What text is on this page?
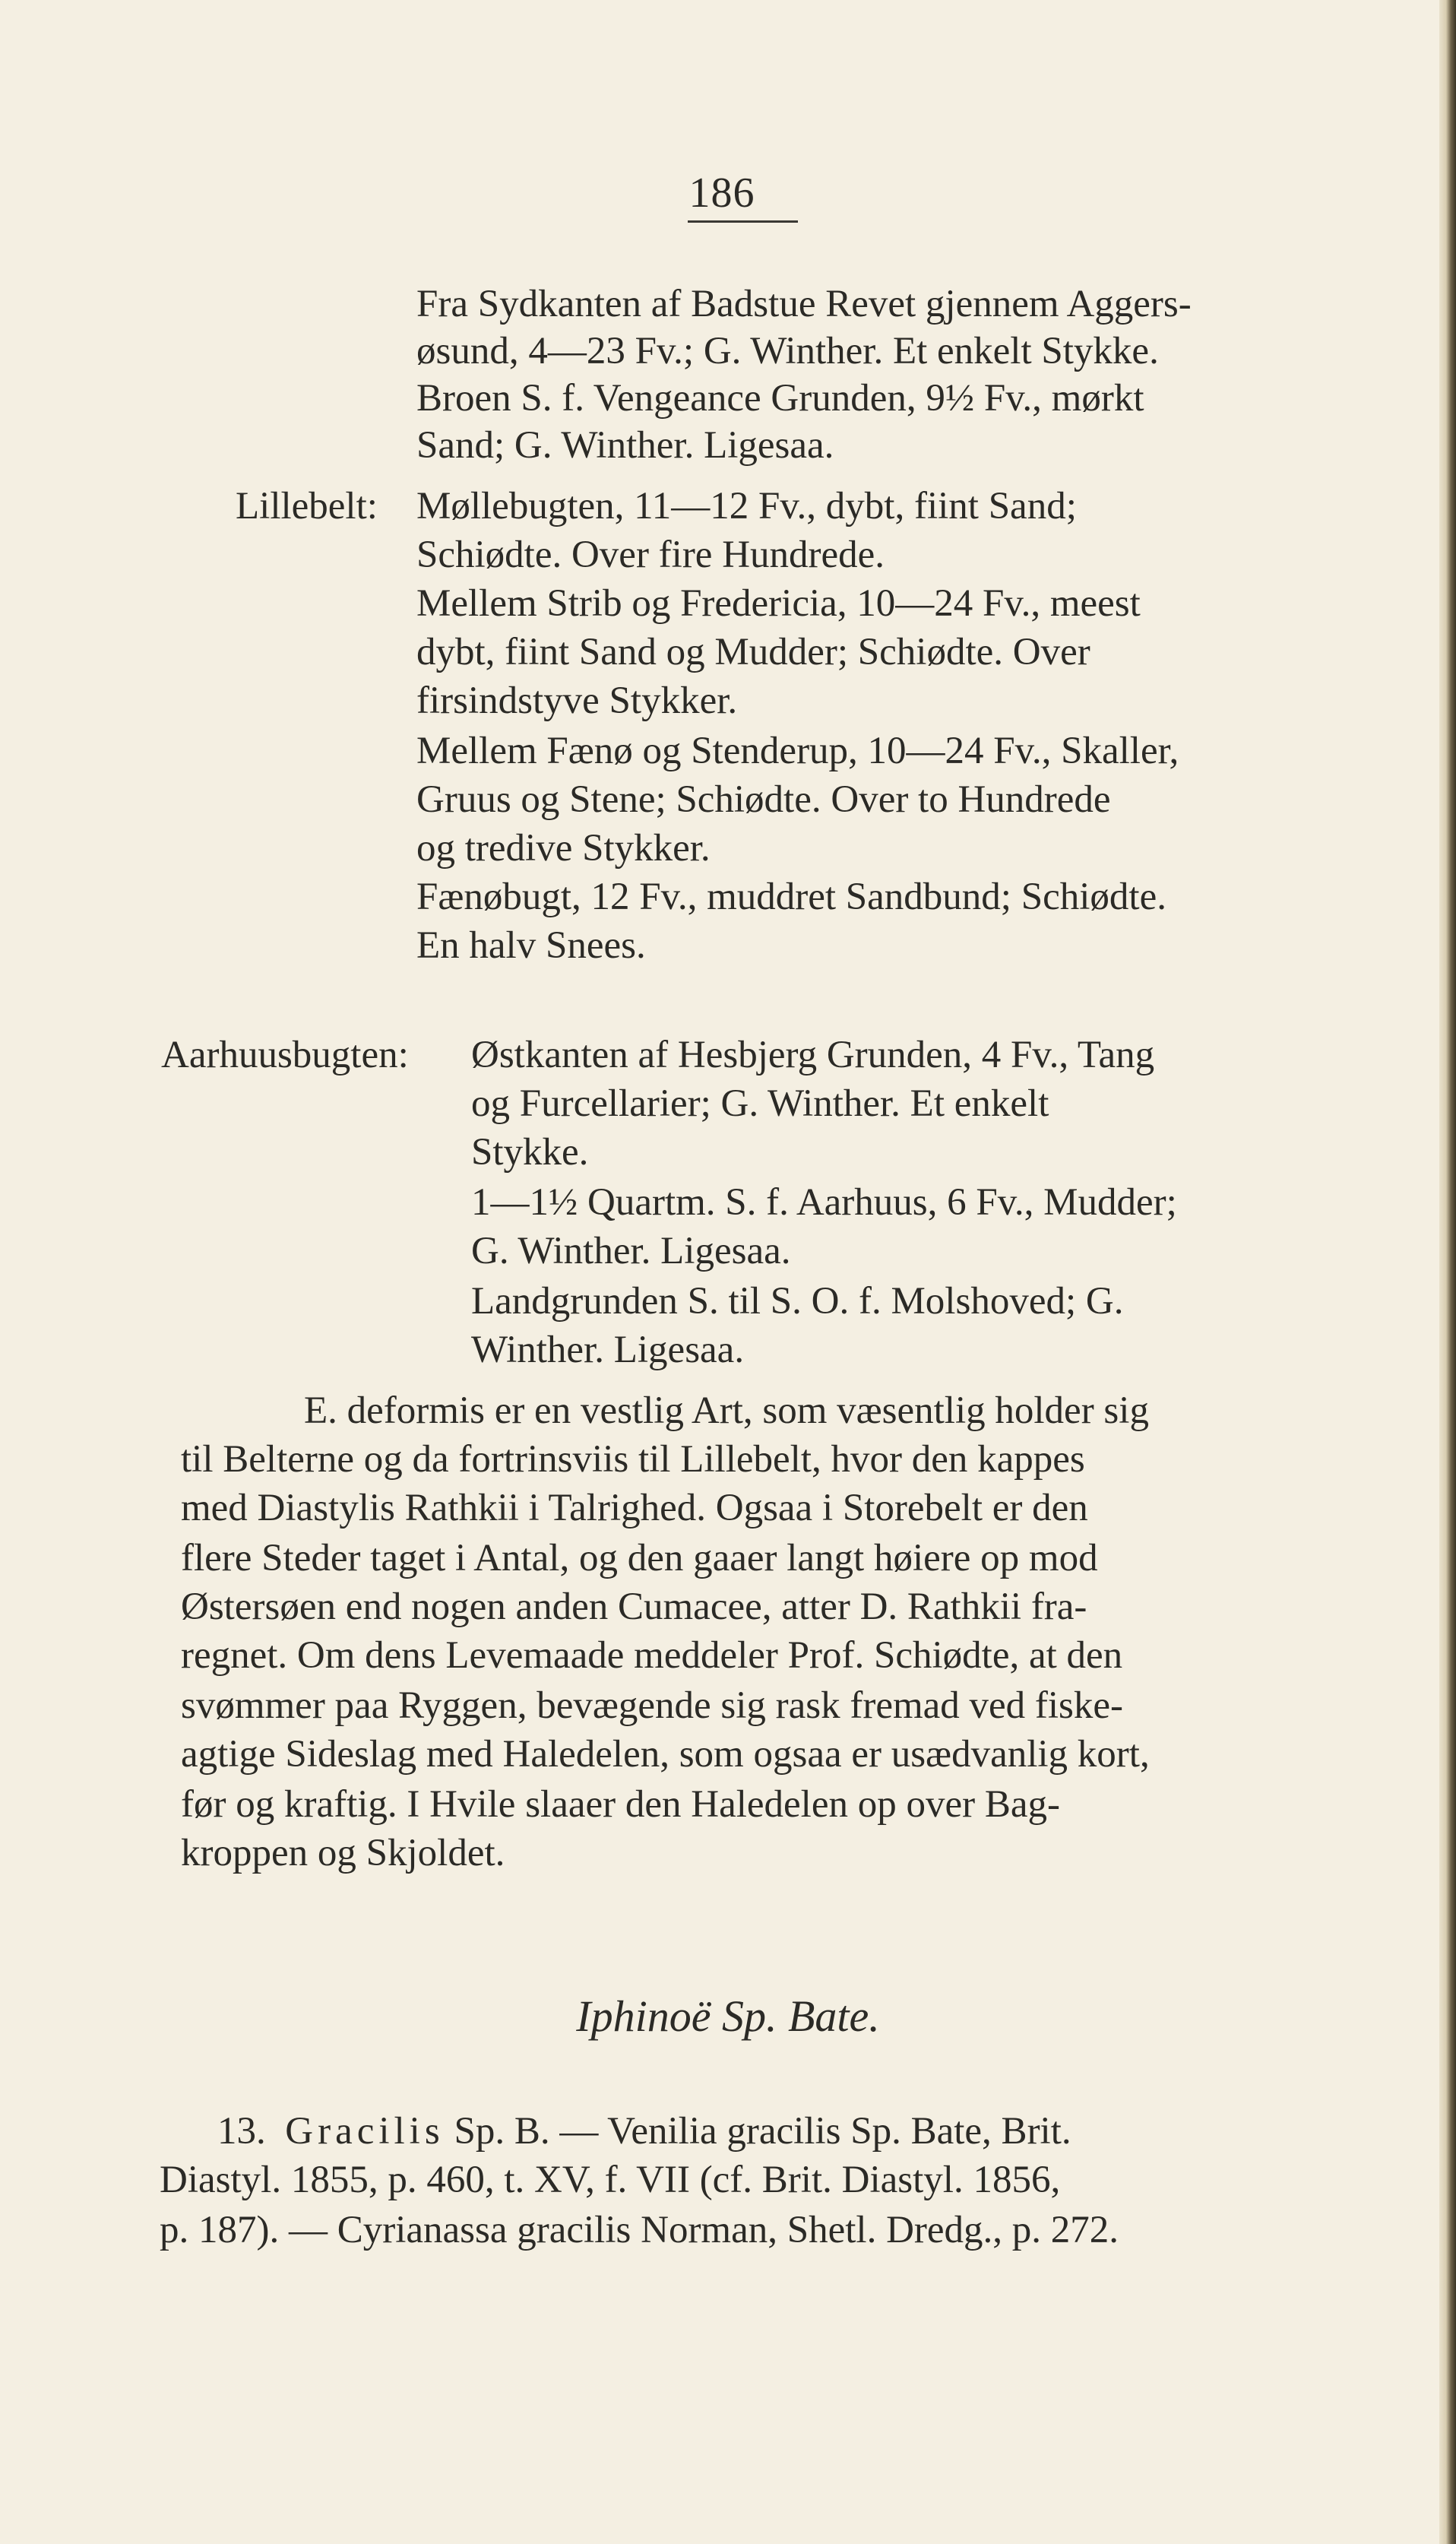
186
Fra Sydkanten af Badstue Revet gjennem Aggers-
øsund, 4—23 Fv.; G. Winther. Et enkelt Stykke.
Broen S. f. Vengeance Grunden, 9½ Fv., mørkt
Sand; G. Winther. Ligesaa.
Lillebelt: Møllebugten, 11—12 Fv., dybt, fiint Sand;
Schiødte. Over fire Hundrede.
Mellem Strib og Fredericia, 10—24 Fv., meest
dybt, fiint Sand og Mudder; Schiødte. Over
firsindstyve Stykker.
Mellem Fænø og Stenderup, 10—24 Fv., Skaller,
Gruus og Stene; Schiødte. Over to Hundrede
og tredive Stykker.
Fænøbugt, 12 Fv., muddret Sandbund; Schiødte.
En halv Snees.
Aarhuusbugten: Østkanten af Hesbjerg Grunden, 4 Fv., Tang
og Furcellarier; G. Winther. Et enkelt
Stykke.
1—1½ Quartm. S. f. Aarhuus, 6 Fv., Mudder;
G. Winther. Ligesaa.
Landgrunden S. til S. O. f. Molshoved; G.
Winther. Ligesaa.
E. deformis er en vestlig Art, som væsentlig holder sig
til Belterne og da fortrinsviis til Lillebelt, hvor den kappes
med Diastylis Rathkii i Talrighed. Ogsaa i Storebelt er den
flere Steder taget i Antal, og den gaaer langt høiere op mod
Østersøen end nogen anden Cumacee, atter D. Rathkii fra-
regnet. Om dens Levemaade meddeler Prof. Schiødte, at den
svømmer paa Ryggen, bevægende sig rask fremad ved fiske-
agtige Sideslag med Haledelen, som ogsaa er usædvanlig kort,
før og kraftig. I Hvile slaaer den Haledelen op over Bag-
kroppen og Skjoldet.
Iphinoë Sp. Bate.
13. Gracilis Sp. B. — Venilia gracilis Sp. Bate, Brit.
Diastyl. 1855, p. 460, t. XV, f. VII (cf. Brit. Diastyl. 1856,
p. 187). — Cyrianassa gracilis Norman, Shetl. Dredg., p. 272.
